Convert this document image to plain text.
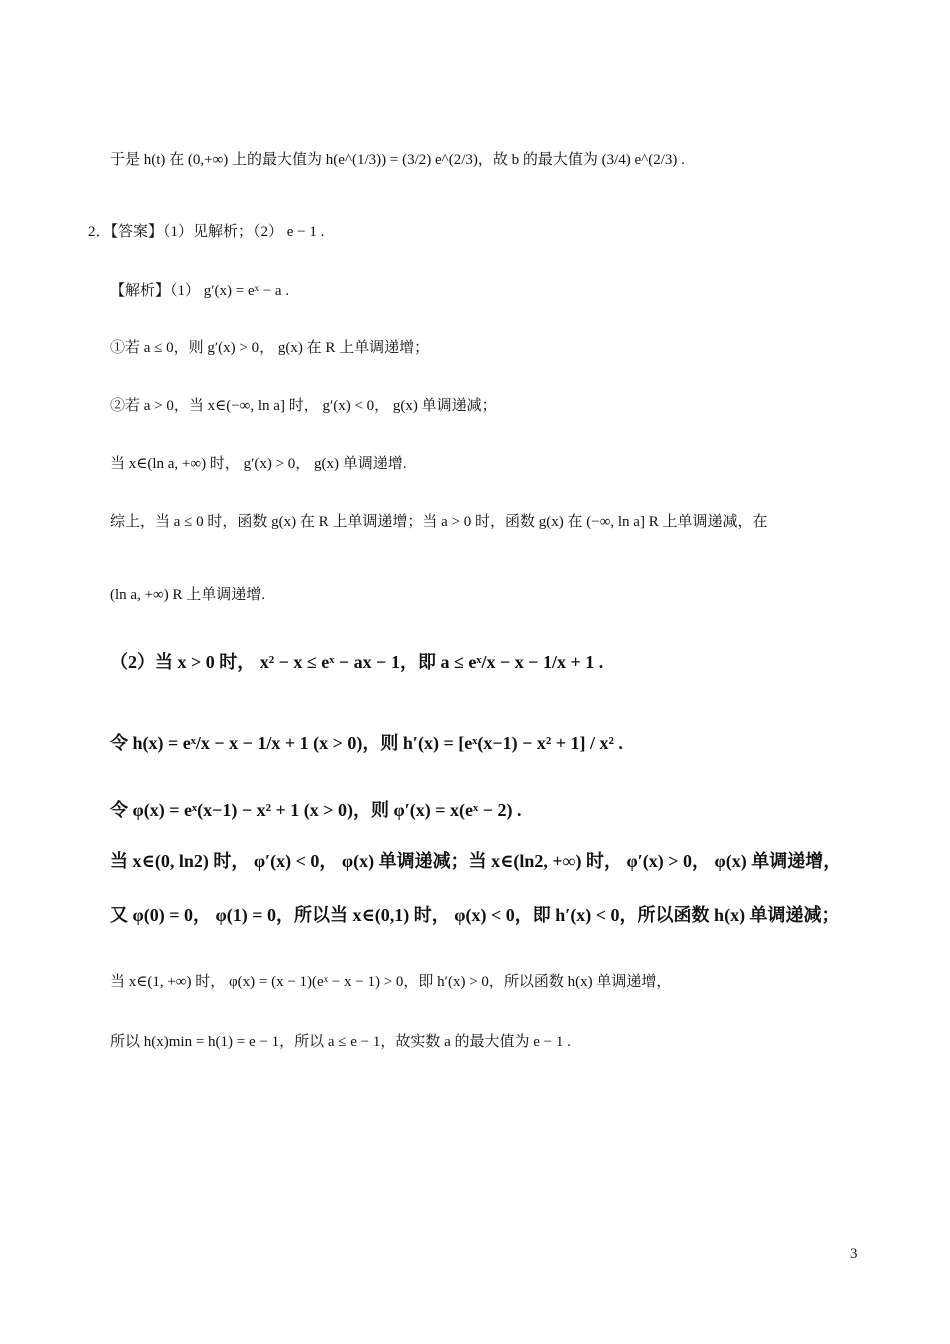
于是 h(t) 在 (0,+∞) 上的最大值为 h(e^(1/3)) = (3/2) e^(2/3)，故 b 的最大值为 (3/4) e^(2/3) .
2．【答案】（1）见解析；（2） e − 1 .
【解析】（1） g′(x) = eˣ − a .
①若 a ≤ 0，则 g′(x) > 0， g(x) 在 R 上单调递增；
②若 a > 0，当 x∈(−∞, ln a] 时， g′(x) < 0， g(x) 单调递减；
当 x∈(ln a, +∞) 时， g′(x) > 0， g(x) 单调递增.
综上，当 a ≤ 0 时，函数 g(x) 在 R 上单调递增；当 a > 0 时，函数 g(x) 在 (−∞, ln a] R 上单调递减，在
(ln a, +∞) R 上单调递增.
（2）当 x > 0 时， x² − x ≤ eˣ − ax − 1，即 a ≤ eˣ/x − x − 1/x + 1 .
令 h(x) = eˣ/x − x − 1/x + 1 (x > 0)，则 h′(x) = [eˣ(x−1) − x² + 1] / x² .
令 φ(x) = eˣ(x−1) − x² + 1 (x > 0)，则 φ′(x) = x(eˣ − 2) .
当 x∈(0, ln2) 时， φ′(x) < 0， φ(x) 单调递减；当 x∈(ln2, +∞) 时， φ′(x) > 0， φ(x) 单调递增，
又 φ(0) = 0， φ(1) = 0，所以当 x∈(0,1) 时， φ(x) < 0，即 h′(x) < 0，所以函数 h(x) 单调递减；
当 x∈(1, +∞) 时， φ(x) = (x − 1)(eˣ − x − 1) > 0，即 h′(x) > 0，所以函数 h(x) 单调递增，
所以 h(x)min = h(1) = e − 1，所以 a ≤ e − 1，故实数 a 的最大值为 e − 1 .
3
